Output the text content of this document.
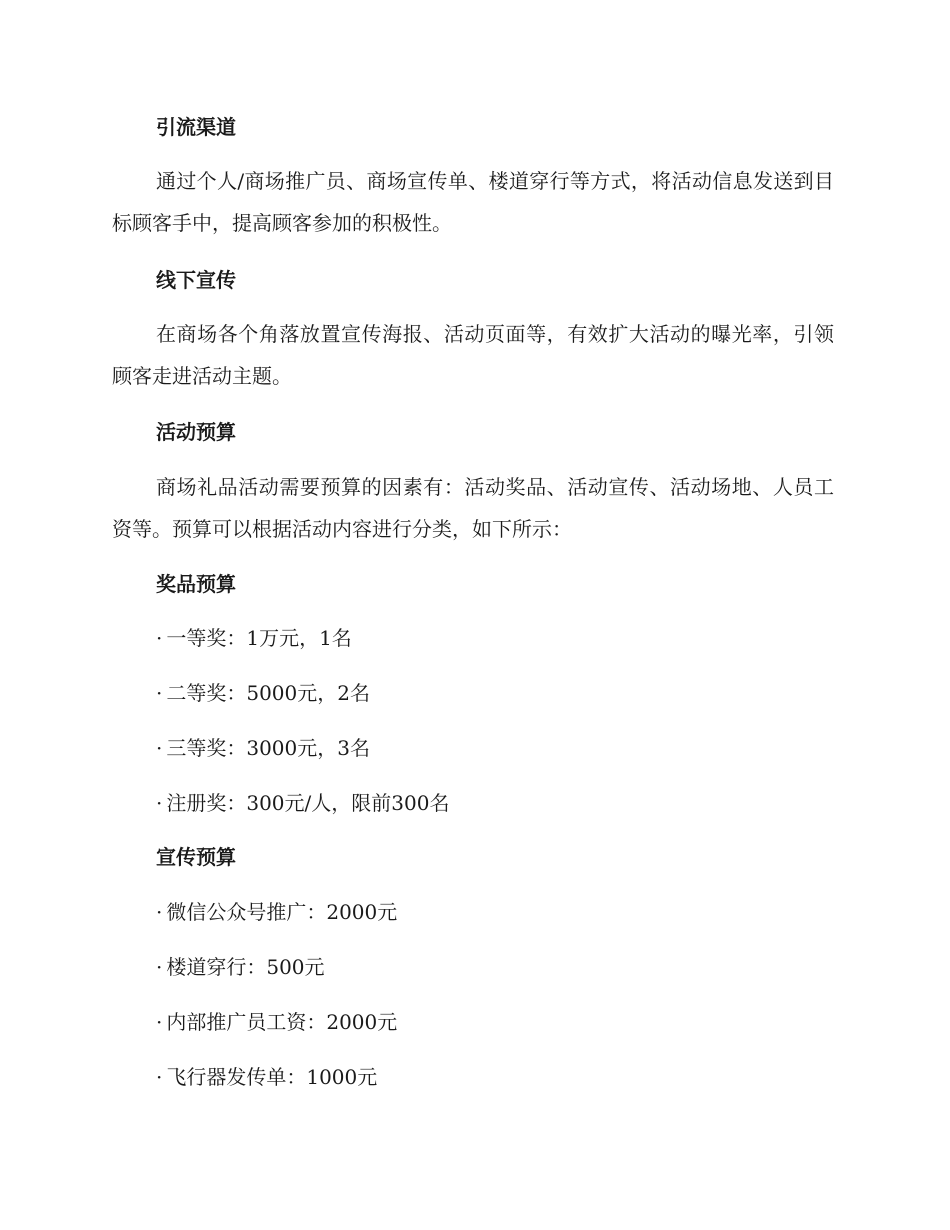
引流渠道
通过个人/商场推广员、商场宣传单、楼道穿行等方式，将活动信息发送到目标顾客手中，提高顾客参加的积极性。
线下宣传
在商场各个角落放置宣传海报、活动页面等，有效扩大活动的曝光率，引领顾客走进活动主题。
活动预算
商场礼品活动需要预算的因素有：活动奖品、活动宣传、活动场地、人员工资等。预算可以根据活动内容进行分类，如下所示：
奖品预算
· 一等奖：1万元，1名
· 二等奖：5000元，2名
· 三等奖：3000元，3名
· 注册奖：300元/人，限前300名
宣传预算
· 微信公众号推广：2000元
· 楼道穿行：500元
· 内部推广员工资：2000元
· 飞行器发传单：1000元
